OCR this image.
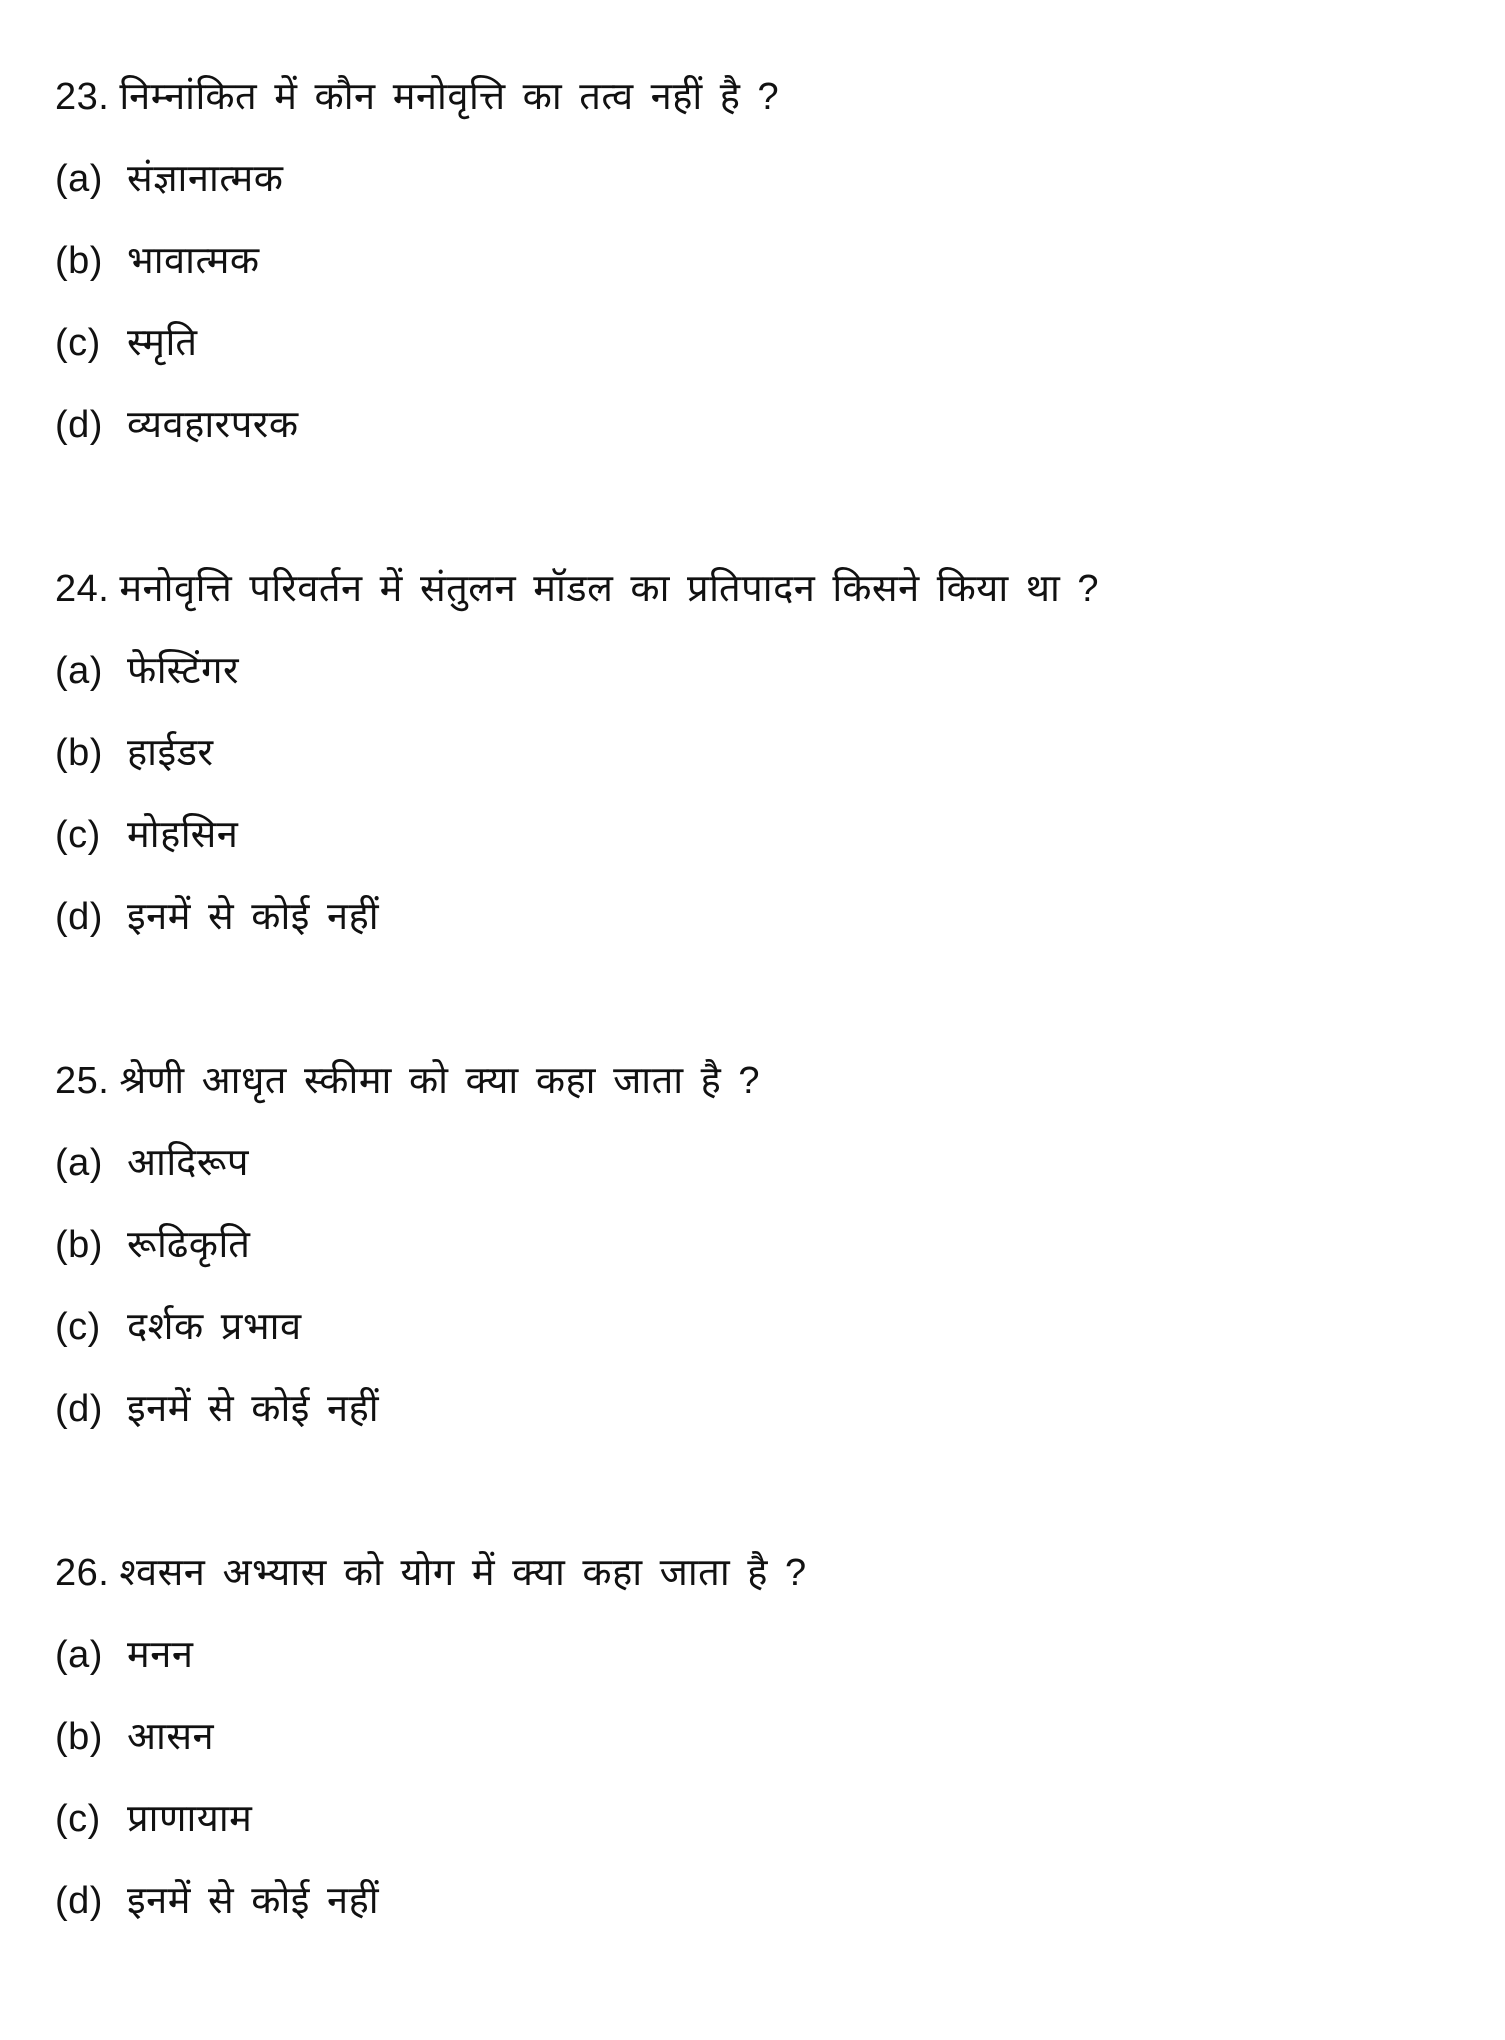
23. निम्नांकित में कौन मनोवृत्ति का तत्व नहीं है ?
(a) संज्ञानात्मक
(b) भावात्मक
(c) स्मृति
(d) व्यवहारपरक
24. मनोवृत्ति परिवर्तन में संतुलन मॉडल का प्रतिपादन किसने किया था ?
(a) फेस्टिंगर
(b) हाईडर
(c) मोहसिन
(d) इनमें से कोई नहीं
25. श्रेणी आधृत स्कीमा को क्या कहा जाता है ?
(a) आदिरूप
(b) रूढिकृति
(c) दर्शक प्रभाव
(d) इनमें से कोई नहीं
26. श्वसन अभ्यास को योग में क्या कहा जाता है ?
(a) मनन
(b) आसन
(c) प्राणायाम
(d) इनमें से कोई नहीं
